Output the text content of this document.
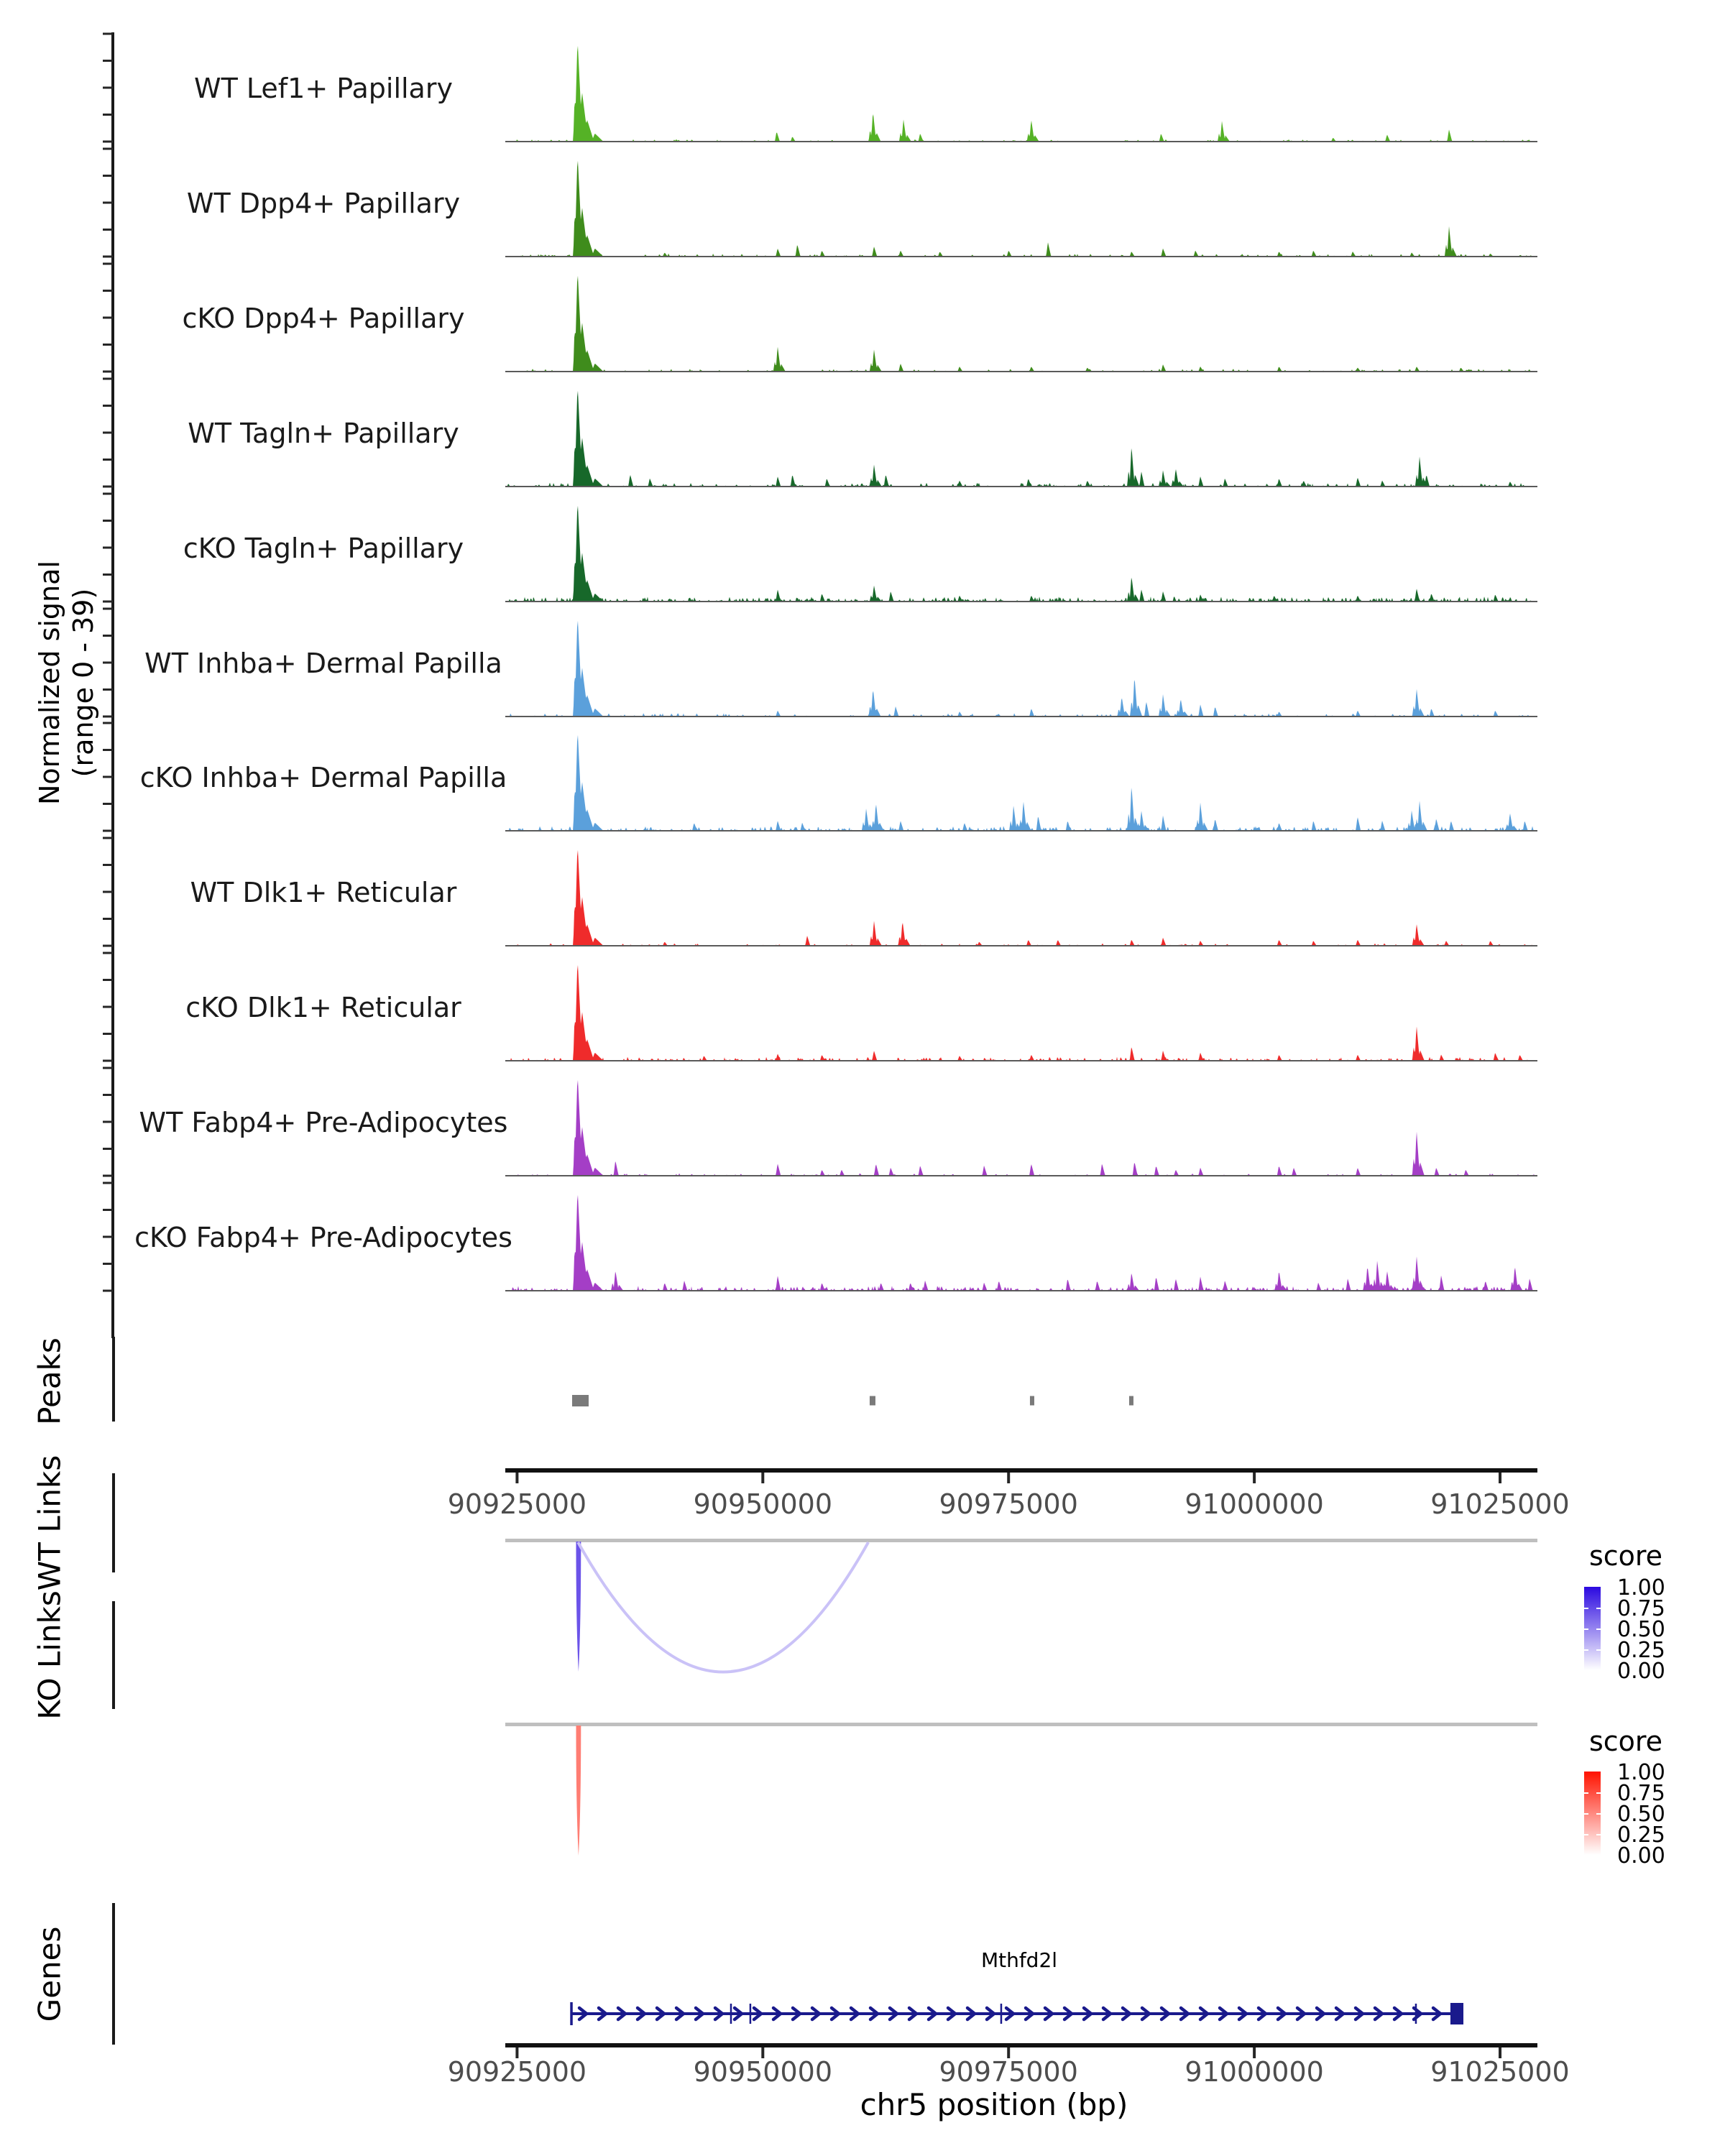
Normalized signal (range 0 - 39)
Peaks
WT Links
KO Links
Genes
score
score
Mthfd2l
chr5 position (bp)
WT Lef1+ Papillary
WT Dpp4+ Papillary
cKO Dpp4+ Papillary
WT Tagln+ Papillary
cKO Tagln+ Papillary
WT Inhba+ Dermal Papilla
cKO Inhba+ Dermal Papilla
WT Dlk1+ Reticular
cKO Dlk1+ Reticular
WT Fabp4+ Pre-Adipocytes
cKO Fabp4+ Pre-Adipocytes
90925000	90950000	90975000	91000000	91025000
90925000	90950000	90975000	91000000	91025000
1.00
0.75
0.50
0.25
0.00
1.00
0.75
0.50
0.25
0.00
